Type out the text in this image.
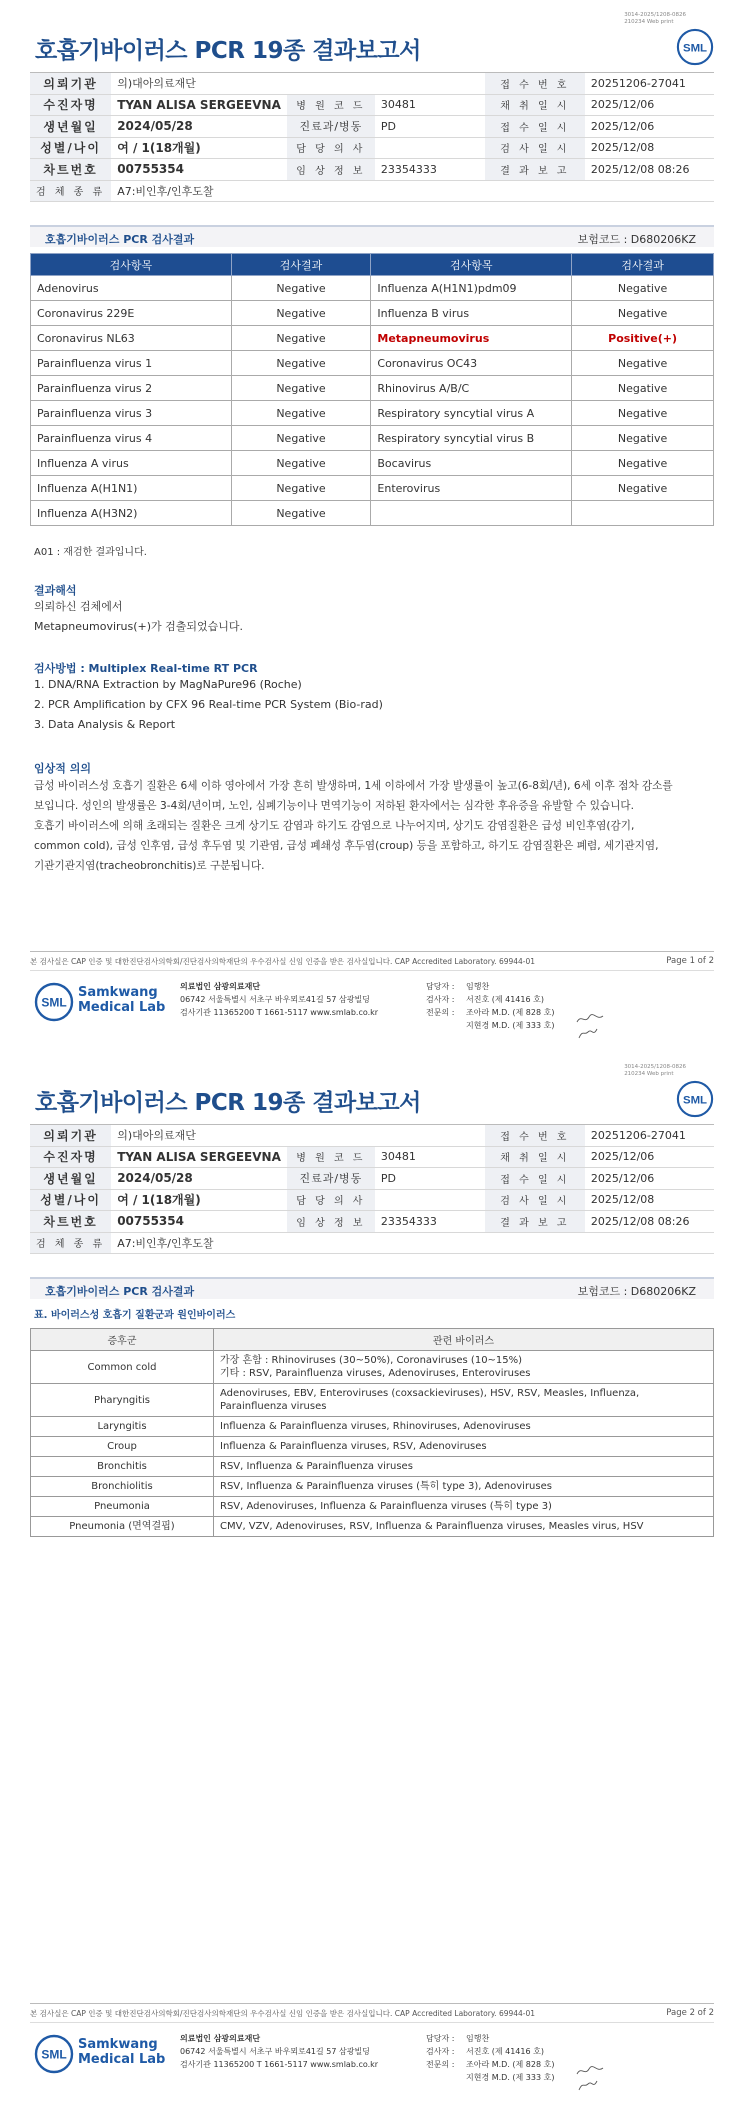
호흡기바이러스 PCR 19종 결과보고서
3014-2025/1208-0826
210234 Web print
SML
의뢰기관	의)대아의료재단			접 수 번 호	20251206-27041
수진자명	TYAN ALISA SERGEEVNA	병 원 코 드	30481	채 취 일 시	2025/12/06
생년월일	2024/05/28	진료과/병동	PD	접 수 일 시	2025/12/06
성별/나이	여 / 1(18개월)	담 당 의 사		검 사 일 시	2025/12/08
차트번호	00755354	임 상 정 보	23354333	결 과 보 고	2025/12/08 08:26
검 체 종 류	A7:비인후/인후도찰				
호흡기바이러스 PCR 검사결과	보험코드 : D680206KZ
검사항목	검사결과	검사항목	검사결과
Adenovirus	Negative	Influenza A(H1N1)pdm09	Negative
Coronavirus 229E	Negative	Influenza B virus	Negative
Coronavirus NL63	Negative	Metapneumovirus	Positive(+)
Parainfluenza virus 1	Negative	Coronavirus OC43	Negative
Parainfluenza virus 2	Negative	Rhinovirus A/B/C	Negative
Parainfluenza virus 3	Negative	Respiratory syncytial virus A	Negative
Parainfluenza virus 4	Negative	Respiratory syncytial virus B	Negative
Influenza A virus	Negative	Bocavirus	Negative
Influenza A(H1N1)	Negative	Enterovirus	Negative
Influenza A(H3N2)	Negative		
A01 : 재검한 결과입니다.
결과해석
의뢰하신 검체에서
Metapneumovirus(+)가 검출되었습니다.
검사방법 : Multiplex Real-time RT PCR
1. DNA/RNA Extraction by MagNaPure96 (Roche)
2. PCR Amplification by CFX 96 Real-time PCR System (Bio-rad)
3. Data Analysis & Report
임상적 의의
급성 바이러스성 호흡기 질환은 6세 이하 영아에서 가장 흔히 발생하며, 1세 이하에서 가장 발생률이 높고(6-8회/년), 6세 이후 점차 감소를
보입니다. 성인의 발생률은 3-4회/년이며, 노인, 심폐기능이나 면역기능이 저하된 환자에서는 심각한 후유증을 유발할 수 있습니다.
호흡기 바이러스에 의해 초래되는 질환은 크게 상기도 감염과 하기도 감염으로 나누어지며, 상기도 감염질환은 급성 비인후염(감기,
common cold), 급성 인후염, 급성 후두염 및 기관염, 급성 폐쇄성 후두염(croup) 등을 포함하고, 하기도 감염질환은 폐렴, 세기관지염,
기관기관지염(tracheobronchitis)로 구분됩니다.
본 검사실은 CAP 인증 및 대한진단검사의학회/진단검사의학재단의 우수검사실 신임 인증을 받은 검사실입니다. CAP Accredited Laboratory. 69944-01	Page 1 of 2
SML
Samkwang
Medical Lab
의료법인 삼광의료재단
06742 서울특별시 서초구 바우뫼로41길 57 삼광빌딩
검사기관 11365200 T 1661-5117 www.smlab.co.kr
담당자 : 임행찬
검사자 : 서진호 (제 41416 호)
전문의 : 조아라 M.D. (제 828 호)
지현경 M.D. (제 333 호)
호흡기바이러스 PCR 19종 결과보고서
3014-2025/1208-0826
210234 Web print
SML
의뢰기관	의)대아의료재단			접 수 번 호	20251206-27041
수진자명	TYAN ALISA SERGEEVNA	병 원 코 드	30481	채 취 일 시	2025/12/06
생년월일	2024/05/28	진료과/병동	PD	접 수 일 시	2025/12/06
성별/나이	여 / 1(18개월)	담 당 의 사		검 사 일 시	2025/12/08
차트번호	00755354	임 상 정 보	23354333	결 과 보 고	2025/12/08 08:26
검 체 종 류	A7:비인후/인후도찰				
호흡기바이러스 PCR 검사결과	보험코드 : D680206KZ
표. 바이러스성 호흡기 질환군과 원인바이러스
증후군	관련 바이러스
Common cold	가장 흔함 : Rhinoviruses (30~50%), Coronaviruses (10~15%)
기타 : RSV, Parainfluenza viruses, Adenoviruses, Enteroviruses

Pharyngitis	Adenoviruses, EBV, Enteroviruses (coxsackieviruses), HSV, RSV, Measles, Influenza,
Parainfluenza viruses

Laryngitis	Influenza & Parainfluenza viruses, Rhinoviruses, Adenoviruses

Croup	Influenza & Parainfluenza viruses, RSV, Adenoviruses

Bronchitis	RSV, Influenza & Parainfluenza viruses

Bronchiolitis	RSV, Influenza & Parainfluenza viruses (특히 type 3), Adenoviruses

Pneumonia	RSV, Adenoviruses, Influenza & Parainfluenza viruses (특히 type 3)

Pneumonia (면역결핍)	CMV, VZV, Adenoviruses, RSV, Influenza & Parainfluenza viruses, Measles virus, HSV
본 검사실은 CAP 인증 및 대한진단검사의학회/진단검사의학재단의 우수검사실 신임 인증을 받은 검사실입니다. CAP Accredited Laboratory. 69944-01	Page 2 of 2
SML
Samkwang
Medical Lab
의료법인 삼광의료재단
06742 서울특별시 서초구 바우뫼로41길 57 삼광빌딩
검사기관 11365200 T 1661-5117 www.smlab.co.kr
담당자 : 임행찬
검사자 : 서진호 (제 41416 호)
전문의 : 조아라 M.D. (제 828 호)
지현경 M.D. (제 333 호)
